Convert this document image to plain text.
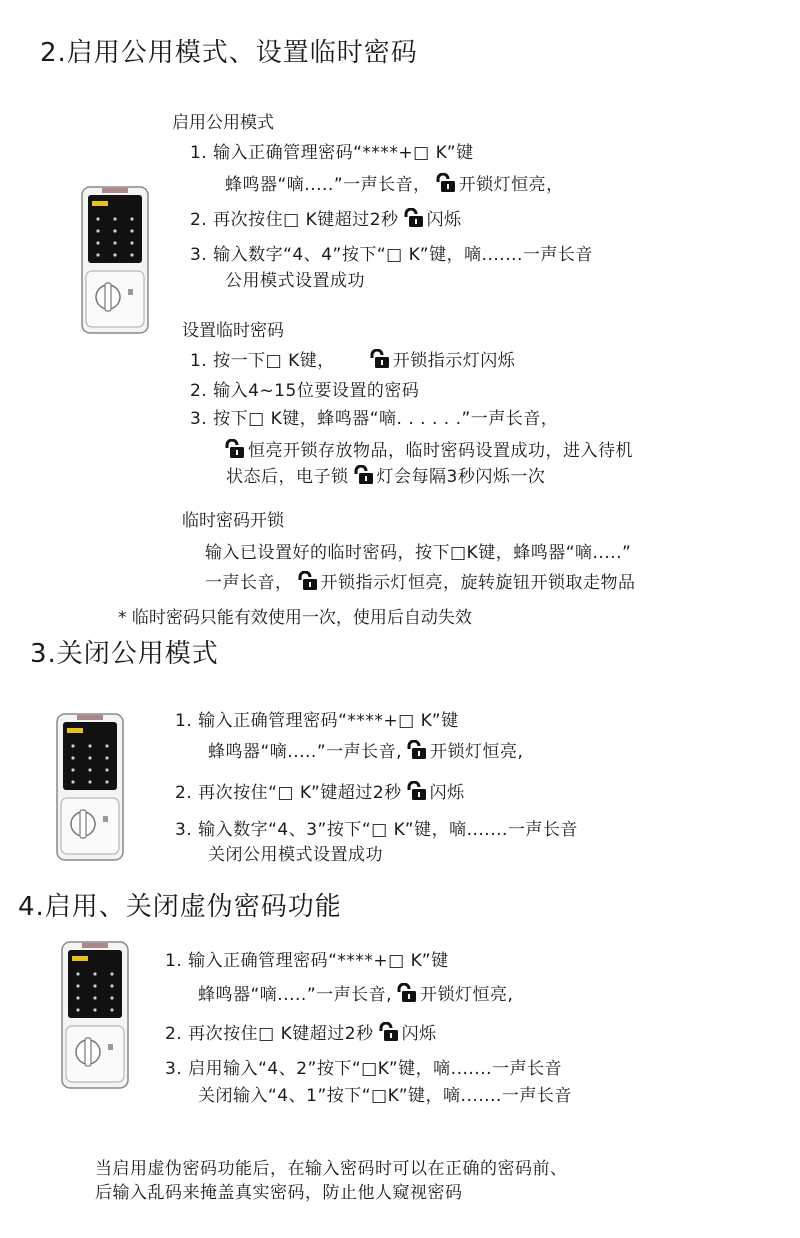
2.启用公用模式、设置临时密码
启用公用模式
1. 输入正确管理密码“****+□ K”键
蜂鸣器“嘀.....”一声长音， 开锁灯恒亮，
2. 再次按住□ K键超过2秒 闪烁
3. 输入数字“4、4”按下“□ K”键，嘀.......一声长音
公用模式设置成功
设置临时密码
1. 按一下□ K键，	开锁指示灯闪烁
2. 输入4~15位要设置的密码
3. 按下□ K键，蜂鸣器“嘀. . . . . .”一声长音，
恒亮开锁存放物品，临时密码设置成功，进入待机
状态后，电子锁 灯会每隔3秒闪烁一次
临时密码开锁
输入已设置好的临时密码，按下□K键，蜂鸣器“嘀.....”
一声长音， 开锁指示灯恒亮，旋转旋钮开锁取走物品
* 临时密码只能有效使用一次，使用后自动失效
3.关闭公用模式
1. 输入正确管理密码“****+□ K”键
蜂鸣器“嘀.....”一声长音, 开锁灯恒亮,
2. 再次按住“□ K”键超过2秒 闪烁
3. 输入数字“4、3”按下“□ K”键，嘀.......一声长音
关闭公用模式设置成功
4.启用、关闭虚伪密码功能
1. 输入正确管理密码“****+□ K”键
蜂鸣器“嘀.....”一声长音, 开锁灯恒亮,
2. 再次按住□ K键超过2秒 闪烁
3. 启用输入“4、2”按下“□K”键，嘀.......一声长音
关闭输入“4、1”按下“□K”键，嘀.......一声长音
当启用虚伪密码功能后，在输入密码时可以在正确的密码前、
后输入乱码来掩盖真实密码，防止他人窥视密码
